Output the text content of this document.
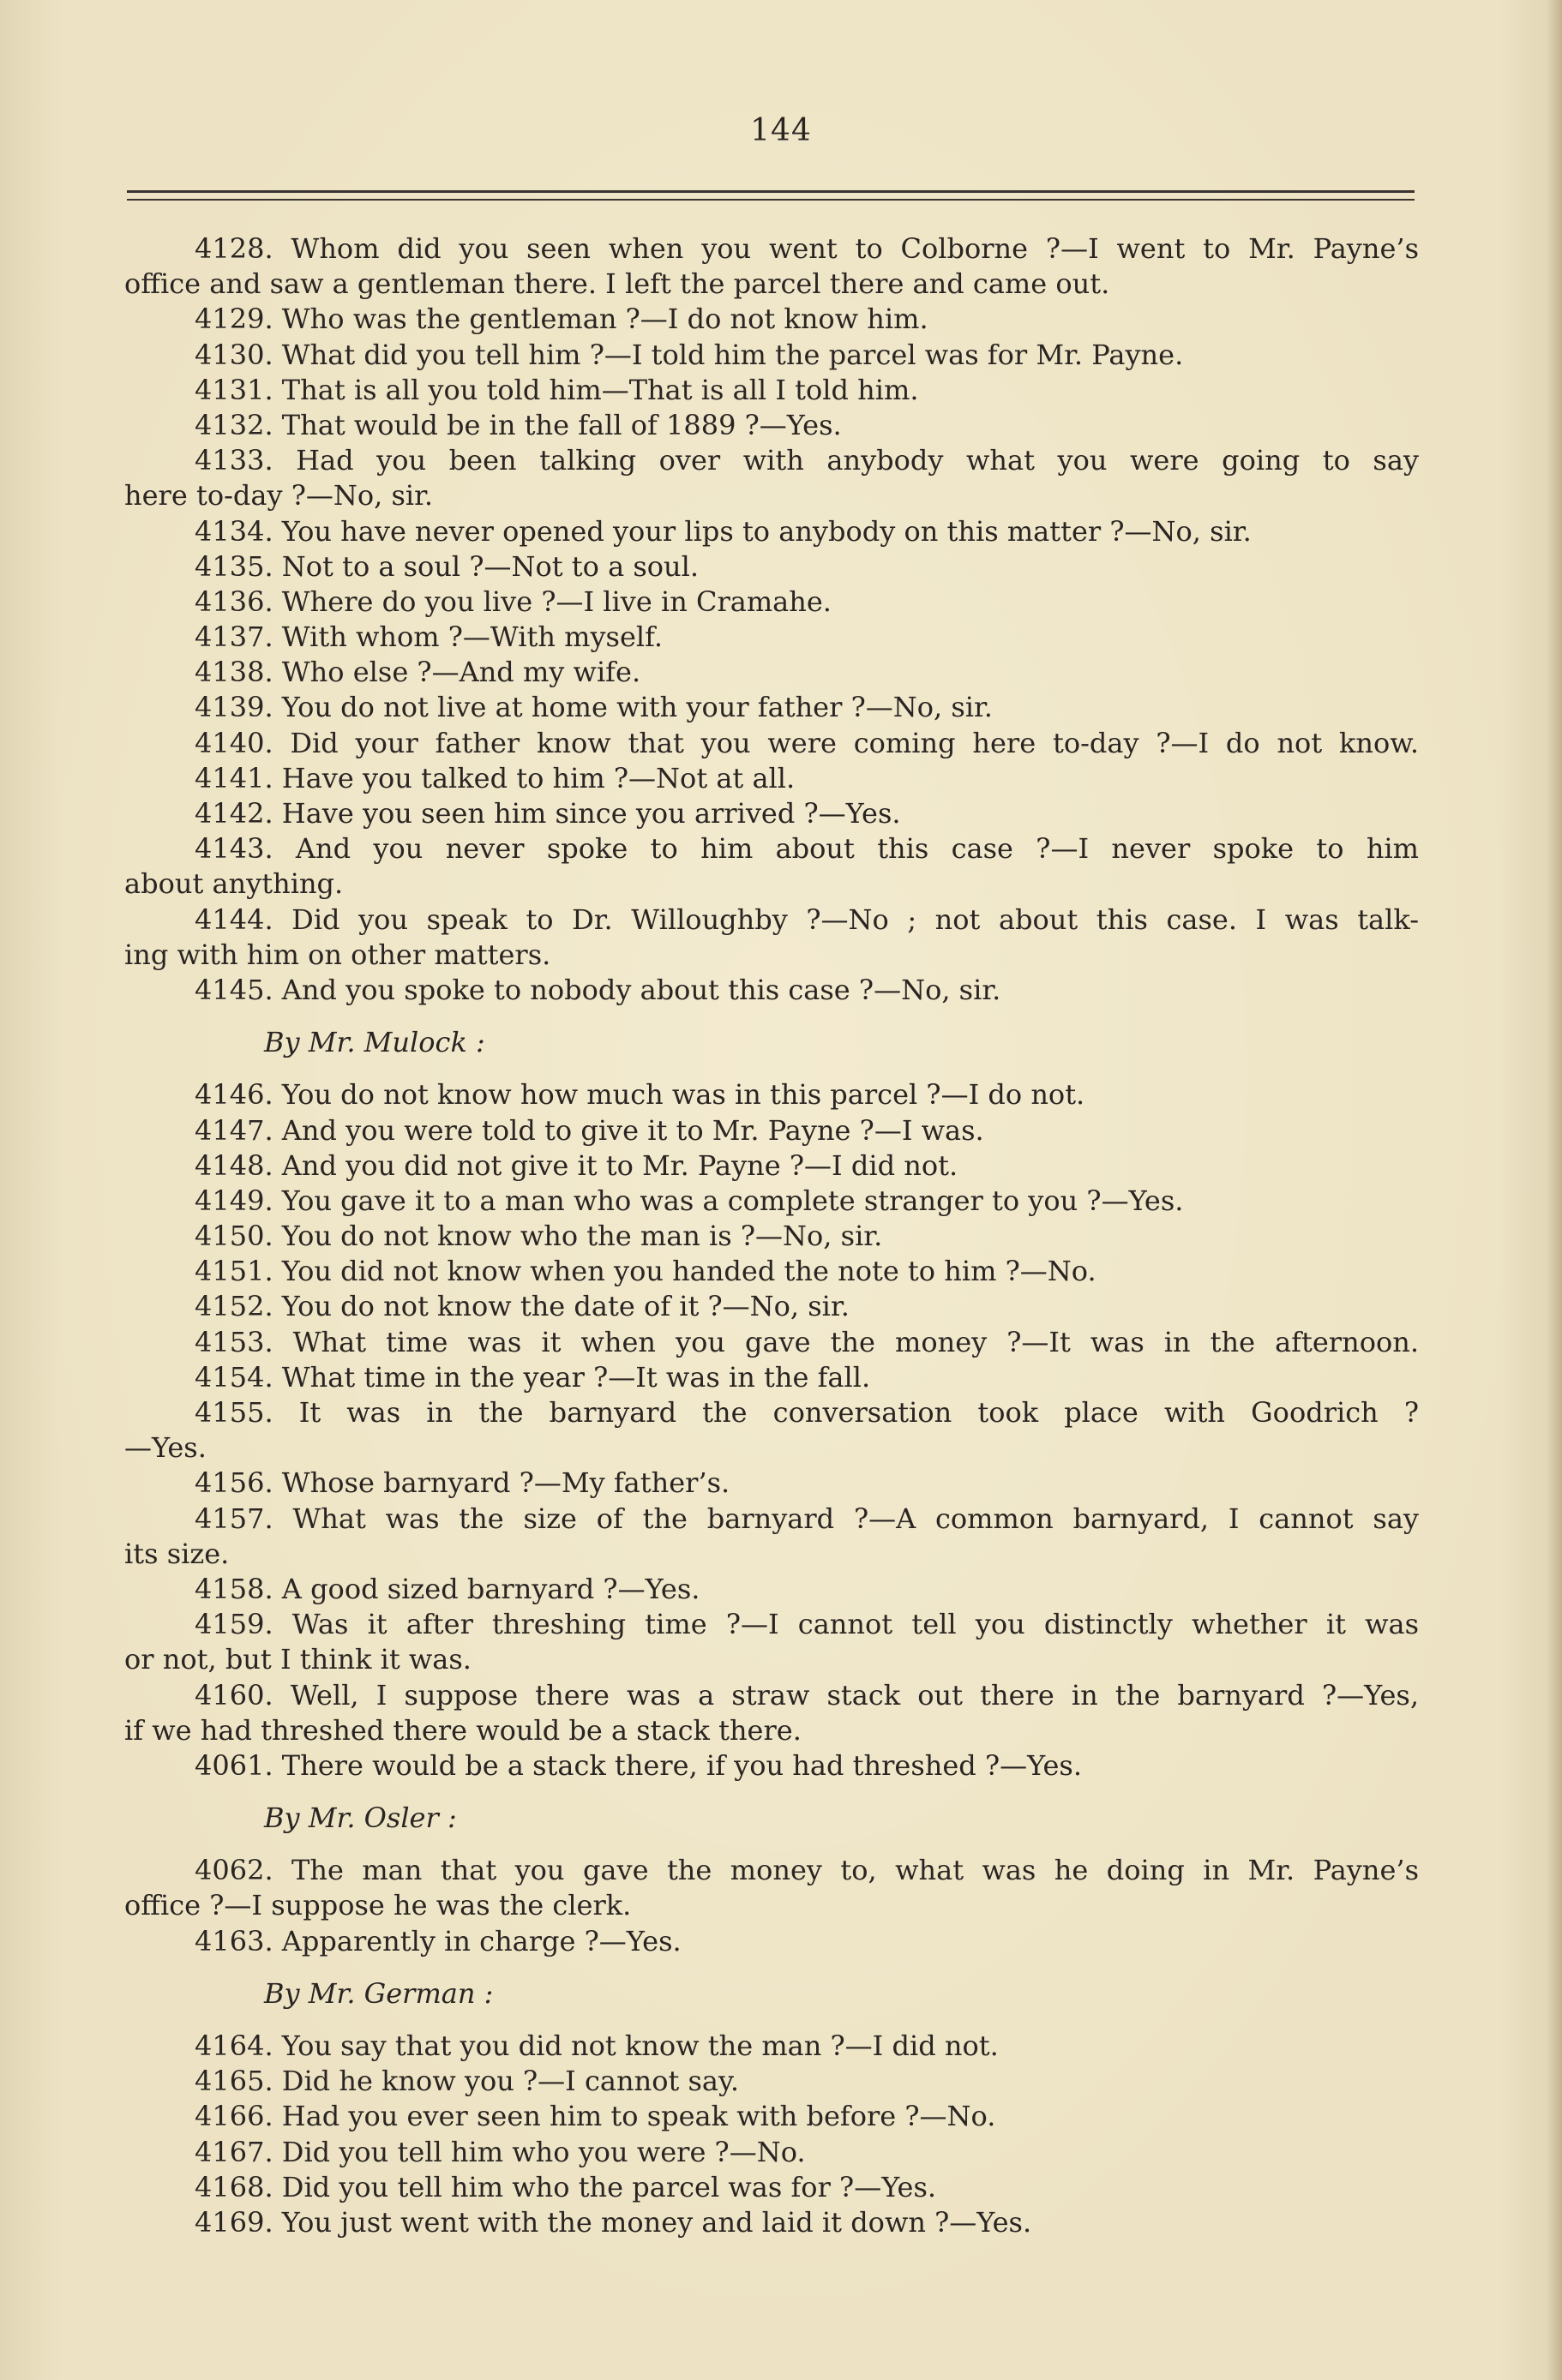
144
4128. Whom did you seen when you went to Colborne ?—I went to Mr. Payne’s
office and saw a gentleman there. I left the parcel there and came out.
4129. Who was the gentleman ?—I do not know him.
4130. What did you tell him ?—I told him the parcel was for Mr. Payne.
4131. That is all you told him—That is all I told him.
4132. That would be in the fall of 1889 ?—Yes.
4133. Had you been talking over with anybody what you were going to say
here to-day ?—No, sir.
4134. You have never opened your lips to anybody on this matter ?—No, sir.
4135. Not to a soul ?—Not to a soul.
4136. Where do you live ?—I live in Cramahe.
4137. With whom ?—With myself.
4138. Who else ?—And my wife.
4139. You do not live at home with your father ?—No, sir.
4140. Did your father know that you were coming here to-day ?—I do not know.
4141. Have you talked to him ?—Not at all.
4142. Have you seen him since you arrived ?—Yes.
4143. And you never spoke to him about this case ?—I never spoke to him
about anything.
4144. Did you speak to Dr. Willoughby ?—No ; not about this case. I was talk-
ing with him on other matters.
4145. And you spoke to nobody about this case ?—No, sir.
By Mr. Mulock :
4146. You do not know how much was in this parcel ?—I do not.
4147. And you were told to give it to Mr. Payne ?—I was.
4148. And you did not give it to Mr. Payne ?—I did not.
4149. You gave it to a man who was a complete stranger to you ?—Yes.
4150. You do not know who the man is ?—No, sir.
4151. You did not know when you handed the note to him ?—No.
4152. You do not know the date of it ?—No, sir.
4153. What time was it when you gave the money ?—It was in the afternoon.
4154. What time in the year ?—It was in the fall.
4155. It was in the barnyard the conversation took place with Goodrich ?
—Yes.
4156. Whose barnyard ?—My father’s.
4157. What was the size of the barnyard ?—A common barnyard, I cannot say
its size.
4158. A good sized barnyard ?—Yes.
4159. Was it after threshing time ?—I cannot tell you distinctly whether it was
or not, but I think it was.
4160. Well, I suppose there was a straw stack out there in the barnyard ?—Yes,
if we had threshed there would be a stack there.
4061. There would be a stack there, if you had threshed ?—Yes.
By Mr. Osler :
4062. The man that you gave the money to, what was he doing in Mr. Payne’s
office ?—I suppose he was the clerk.
4163. Apparently in charge ?—Yes.
By Mr. German :
4164. You say that you did not know the man ?—I did not.
4165. Did he know you ?—I cannot say.
4166. Had you ever seen him to speak with before ?—No.
4167. Did you tell him who you were ?—No.
4168. Did you tell him who the parcel was for ?—Yes.
4169. You just went with the money and laid it down ?—Yes.
